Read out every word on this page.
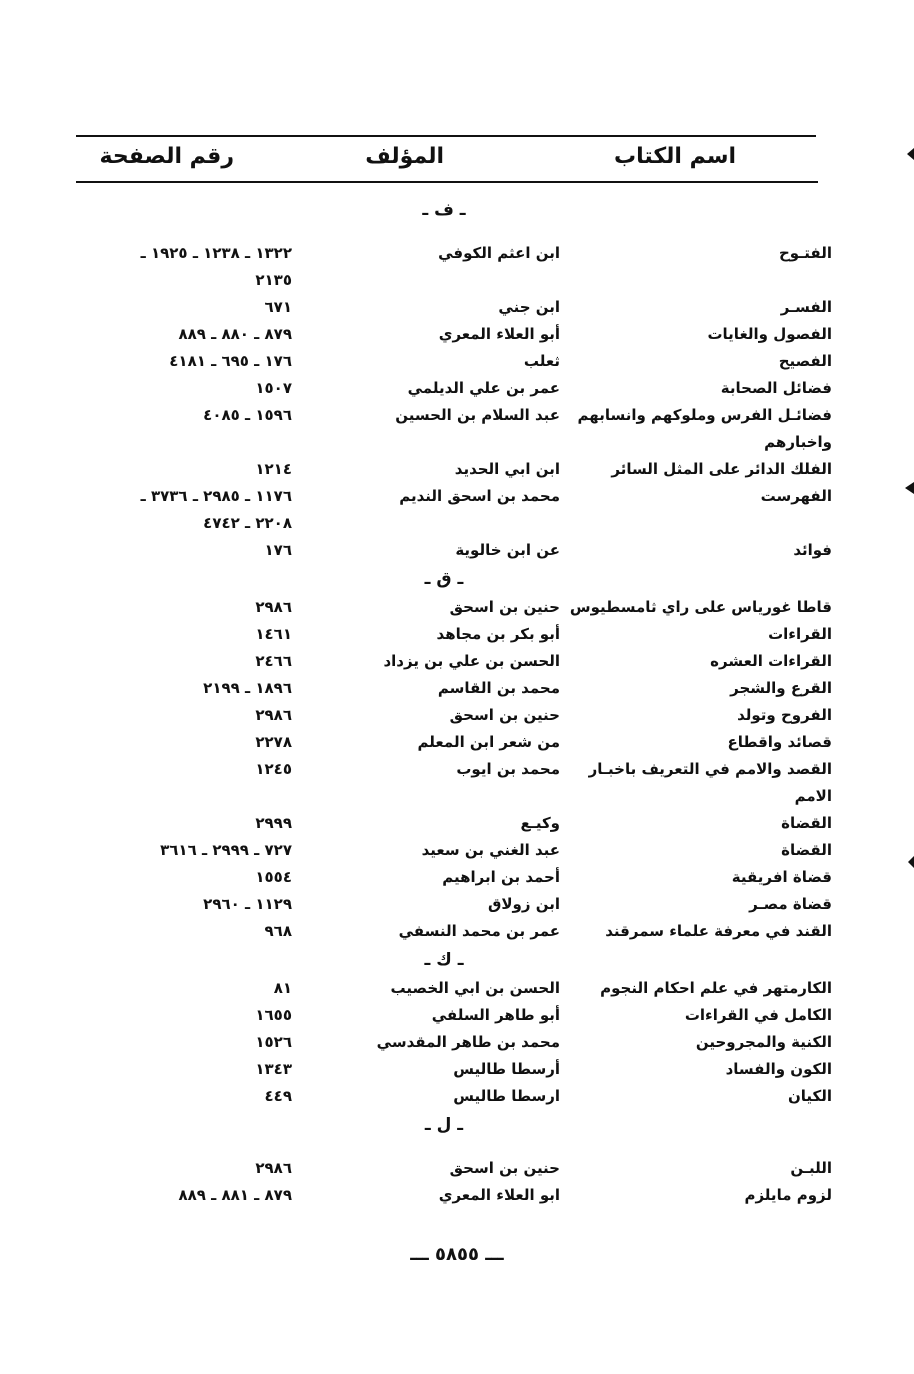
اسم الكتاب
المؤلف
رقم الصفحة
ـ ف ـ
الفتـوح
ابن اعثم الكوفي
١٣٢٢ ـ ١٢٣٨ ـ ١٩٢٥ ـ
٢١٣٥
الفسـر
ابن جني
٦٧١
الفصول والغايات
أبو العلاء المعري
٨٧٩ ـ ٨٨٠ ـ ٨٨٩
الفصيح
ثعلب
١٧٦ ـ ٦٩٥ ـ ٤١٨١
فضائل الصحابة
عمر بن علي الديلمي
١٥٠٧
فضائـل الفرس وملوكهم وانسابهم
عبد السلام بن الحسين
١٥٩٦ ـ ٤٠٨٥
واخبارهم
الفلك الدائر على المثل السائر
ابن ابي الحديد
١٢١٤
الفهرست
محمد بن اسحق النديم
١١٧٦ ـ ٢٩٨٥ ـ ٣٧٣٦ ـ
٢٢٠٨ ـ ٤٧٤٢
فوائد
عن ابن خالوية
١٧٦
ـ ق ـ
قاطا غورياس على راي ثامسطيوس
حنين بن اسحق
٢٩٨٦
القراءات
أبو بكر بن مجاهد
١٤٦١
القراءات العشره
الحسن بن علي بن يزداد
٢٤٦٦
القرع والشجر
محمد بن القاسم
١٨٩٦ ـ ٢١٩٩
الفروح وتولد
حنين بن اسحق
٢٩٨٦
قصائد واقطاع
من شعر ابن المعلم
٢٢٧٨
القصد والامم في التعريف باخبـار
محمد بن ايوب
١٢٤٥
الامم
القضاة
وكيـع
٢٩٩٩
القضاة
عبد الغني بن سعيد
٧٢٧ ـ ٢٩٩٩ ـ ٣٦١٦
قضاة افريقية
أحمد بن ابراهيم
١٥٥٤
قضاة مصـر
ابن زولاق
١١٢٩ ـ ٢٩٦٠
القند في معرفة علماء سمرقند
عمر بن محمد النسفي
٩٦٨
ـ ك ـ
الكارمتهر في علم احكام النجوم
الحسن بن ابي الخصيب
٨١
الكامل في القراءات
أبو طاهر السلفي
١٦٥٥
الكنية والمجروحين
محمد بن طاهر المقدسي
١٥٢٦
الكون والفساد
أرسطا طاليس
١٣٤٣
الكيان
ارسطا طاليس
٤٤٩
ـ ل ـ
اللبـن
حنين بن اسحق
٢٩٨٦
لزوم مايلزم
ابو العلاء المعري
٨٧٩ ـ ٨٨١ ـ ٨٨٩
ـــ ٥٨٥٥ ـــ
